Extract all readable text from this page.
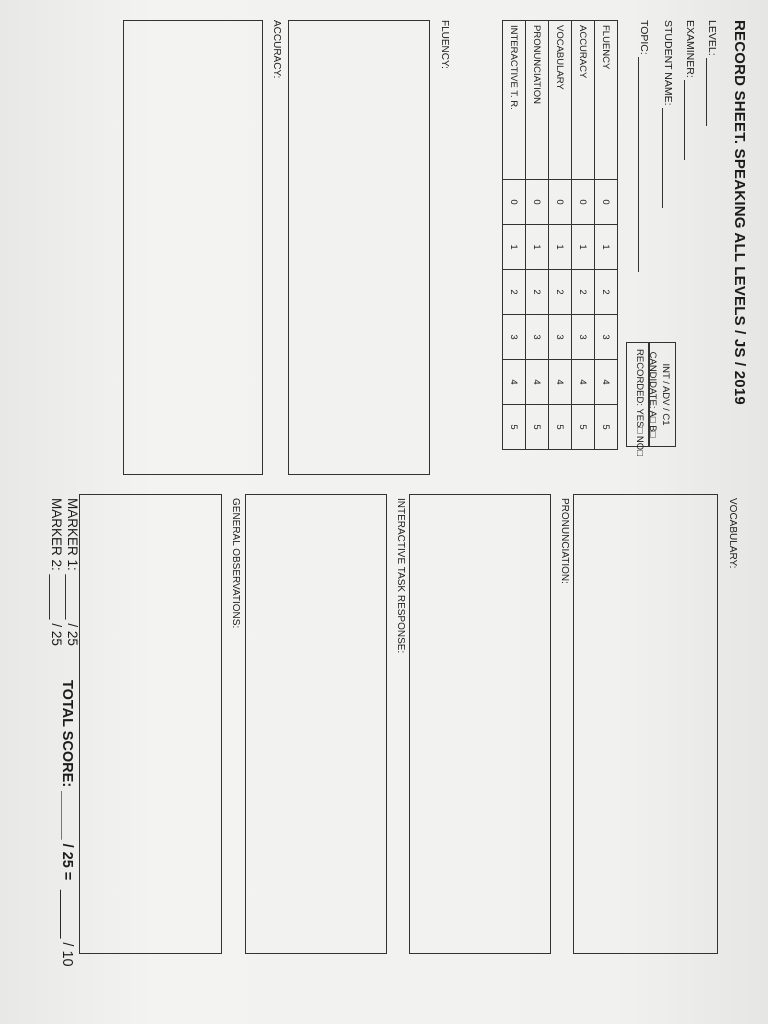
RECORD SHEET. SPEAKING ALL LEVELS / JS / 2019
LEVEL:
EXAMINER:
STUDENT NAME:
TOPIC:
INT / ADV / C1
CANDIDATE: A□ B□
RECORDED: YES□ NO□
FLUENCY	0	1	2	3	4	5
ACCURACY	0	1	2	3	4	5
VOCABULARY	0	1	2	3	4	5
PRONUNCIATION	0	1	2	3	4	5
INTERACTIVE T. R.	0	1	2	3	4	5
FLUENCY:
ACCURACY:
VOCABULARY:
PRONUNCIATION:
INTERACTIVE TASK RESPONSE:
GENERAL OBSERVATIONS:
MARKER 1: ______ / 25
MARKER 2: ______ / 25
TOTAL SCORE: ______ / 25 =
______ / 10
